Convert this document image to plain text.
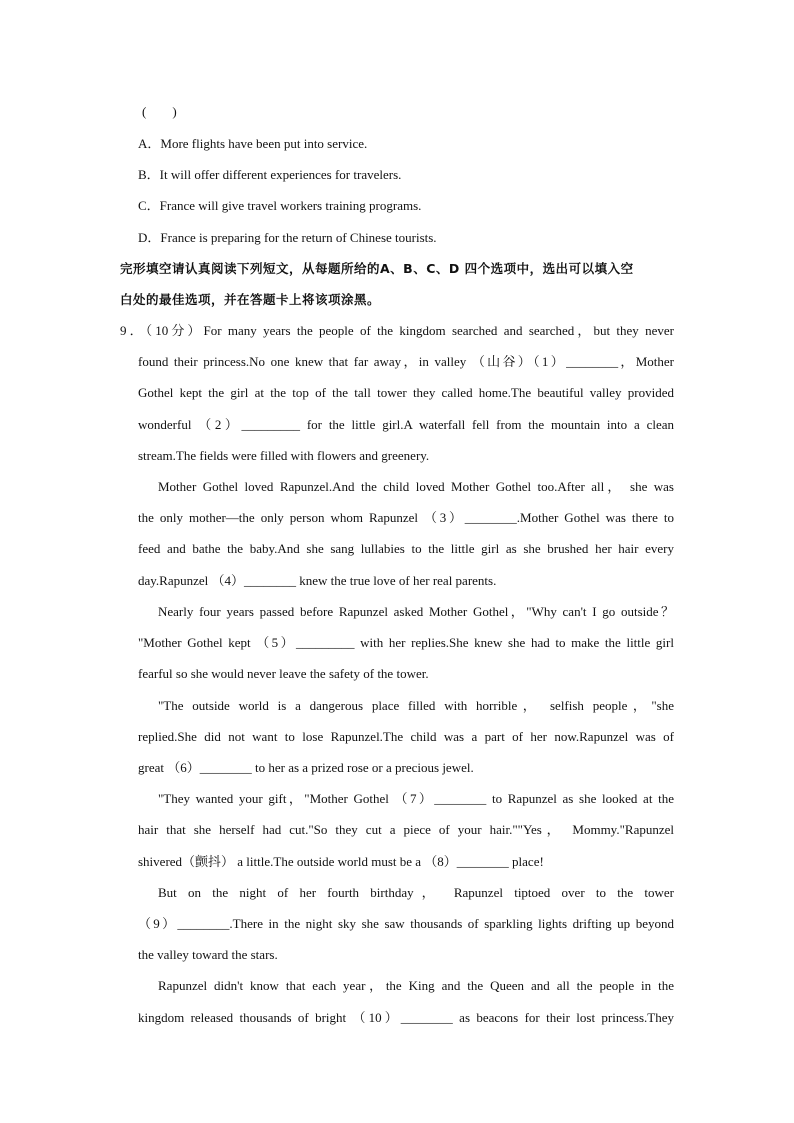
(　　)
A．More flights have been put into service.
B．It will offer different experiences for travelers.
C．France will give travel workers training programs.
D．France is preparing for the return of Chinese tourists.
完形填空请认真阅读下列短文，从每题所给的A、B、C、D 四个选项中，选出可以填入空
白处的最佳选项，并在答题卡上将该项涂黑。
9．（10分）For many years the people of the kingdom searched and searched，but they never
found their princess.No one knew that far away，in valley （山谷）（1）________，Mother
Gothel kept the girl at the top of the tall tower they called home.The beautiful valley provided
wonderful （2）_________ for the little girl.A waterfall fell from the mountain into a clean
stream.The fields were filled with flowers and greenery.
Mother Gothel loved Rapunzel.And the child loved Mother Gothel too.After all， she was
the only mother—the only person whom Rapunzel （3）________.Mother Gothel was there to
feed and bathe the baby.And she sang lullabies to the little girl as she brushed her hair every
day.Rapunzel （4）________ knew the true love of her real parents.
Nearly four years passed before Rapunzel asked Mother Gothel，"Why can't I go outside？
"Mother Gothel kept （5）_________ with her replies.She knew she had to make the little girl
fearful so she would never leave the safety of the tower.
"The outside world is a dangerous place filled with horrible， selfish people，"she
replied.She did not want to lose Rapunzel.The child was a part of her now.Rapunzel was of
great （6）________ to her as a prized rose or a precious jewel.
"They wanted your gift，"Mother Gothel （7）________ to Rapunzel as she looked at the
hair that she herself had cut."So they cut a piece of your hair.""Yes， Mommy."Rapunzel
shivered（颤抖） a little.The outside world must be a （8）________ place!
But on the night of her fourth birthday， Rapunzel tiptoed over to the tower
（9）________.There in the night sky she saw thousands of sparkling lights drifting up beyond
the valley toward the stars.
Rapunzel didn't know that each year，the King and the Queen and all the people in the
kingdom released thousands of bright （10）________ as beacons for their lost princess.They
